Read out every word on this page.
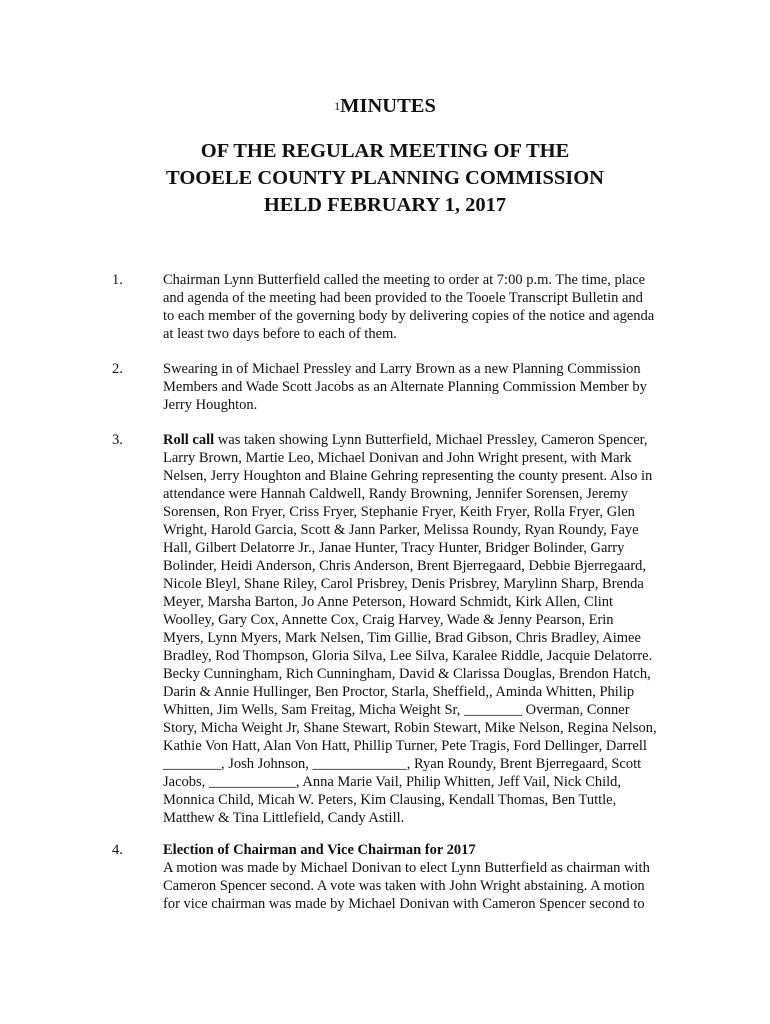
1MINUTES
OF THE REGULAR MEETING OF THE
TOOELE COUNTY PLANNING COMMISSION
HELD FEBRUARY 1, 2017
1.	Chairman Lynn Butterfield called the meeting to order at 7:00 p.m. The time, place
and agenda of the meeting had been provided to the Tooele Transcript Bulletin and
to each member of the governing body by delivering copies of the notice and agenda
at least two days before to each of them.
2.	Swearing in of Michael Pressley and Larry Brown as a new Planning Commission
Members and Wade Scott Jacobs as an Alternate Planning Commission Member by
Jerry Houghton.
3.	Roll call was taken showing Lynn Butterfield, Michael Pressley, Cameron Spencer,
Larry Brown, Martie Leo, Michael Donivan and John Wright present, with Mark
Nelsen, Jerry Houghton and Blaine Gehring representing the county present. Also in
attendance were Hannah Caldwell, Randy Browning, Jennifer Sorensen, Jeremy
Sorensen, Ron Fryer, Criss Fryer, Stephanie Fryer, Keith Fryer, Rolla Fryer, Glen
Wright, Harold Garcia, Scott & Jann Parker, Melissa Roundy, Ryan Roundy, Faye
Hall, Gilbert Delatorre Jr., Janae Hunter, Tracy Hunter, Bridger Bolinder, Garry
Bolinder, Heidi Anderson, Chris Anderson, Brent Bjerregaard, Debbie Bjerregaard,
Nicole Bleyl, Shane Riley, Carol Prisbrey, Denis Prisbrey, Marylinn Sharp, Brenda
Meyer, Marsha Barton, Jo Anne Peterson, Howard Schmidt, Kirk Allen, Clint
Woolley, Gary Cox, Annette Cox, Craig Harvey, Wade & Jenny Pearson, Erin
Myers, Lynn Myers, Mark Nelsen, Tim Gillie, Brad Gibson, Chris Bradley, Aimee
Bradley, Rod Thompson, Gloria Silva, Lee Silva, Karalee Riddle, Jacquie Delatorre.
Becky Cunningham, Rich Cunningham, David & Clarissa Douglas, Brendon Hatch,
Darin & Annie Hullinger, Ben Proctor, Starla, Sheffield,, Aminda Whitten, Philip
Whitten, Jim Wells, Sam Freitag, Micha Weight Sr, ________ Overman, Conner
Story, Micha Weight Jr, Shane Stewart, Robin Stewart, Mike Nelson, Regina Nelson,
Kathie Von Hatt, Alan Von Hatt, Phillip Turner, Pete Tragis, Ford Dellinger, Darrell
________, Josh Johnson, _____________, Ryan Roundy, Brent Bjerregaard, Scott
Jacobs, ____________, Anna Marie Vail, Philip Whitten, Jeff Vail, Nick Child,
Monnica Child, Micah W. Peters, Kim Clausing, Kendall Thomas, Ben Tuttle,
Matthew & Tina Littlefield, Candy Astill.
4.	Election of Chairman and Vice Chairman for 2017
A motion was made by Michael Donivan to elect Lynn Butterfield as chairman with
Cameron Spencer second. A vote was taken with John Wright abstaining. A motion
for vice chairman was made by Michael Donivan with Cameron Spencer second to
